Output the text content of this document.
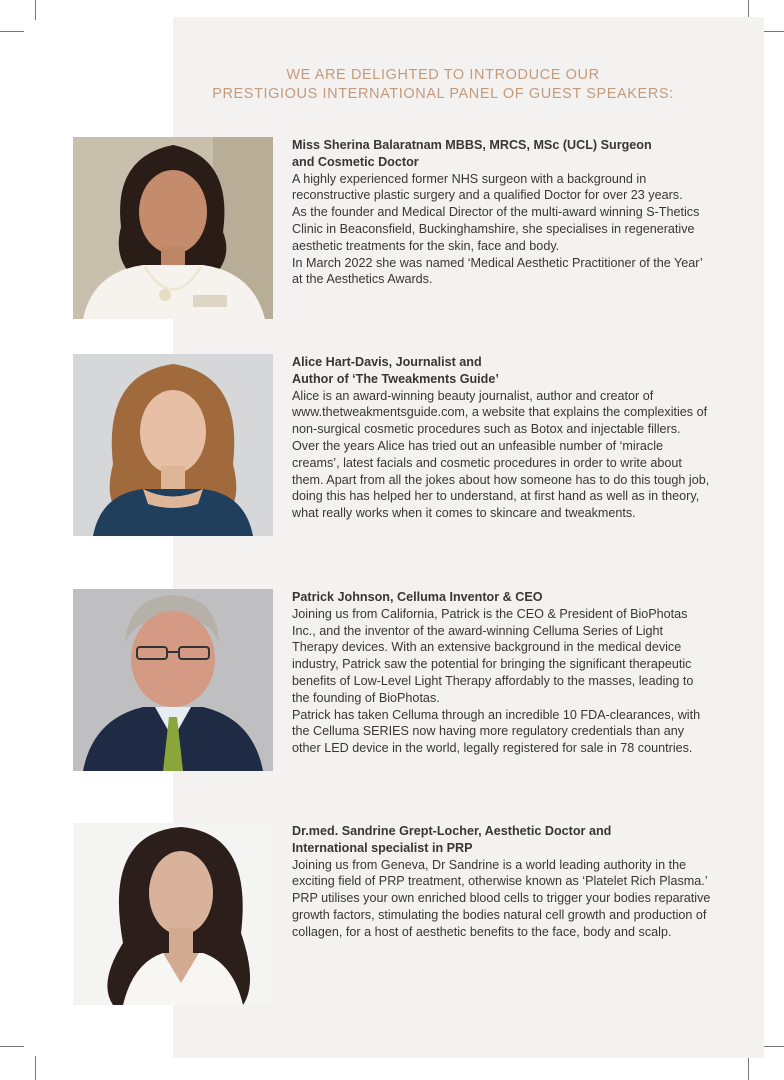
WE ARE DELIGHTED TO INTRODUCE OUR
PRESTIGIOUS INTERNATIONAL PANEL OF GUEST SPEAKERS:
Miss Sherina Balaratnam MBBS, MRCS, MSc (UCL) Surgeon
and Cosmetic Doctor
A highly experienced former NHS surgeon with a background in reconstructive plastic surgery and a qualified Doctor for over 23 years.
As the founder and Medical Director of the multi-award winning S-Thetics Clinic in Beaconsfield, Buckinghamshire, she specialises in regenerative aesthetic treatments for the skin, face and body.
In March 2022 she was named ‘Medical Aesthetic Practitioner of the Year’ at the Aesthetics Awards.
Alice Hart-Davis, Journalist and
Author of ‘The Tweakments Guide’
Alice is an award-winning beauty journalist, author and creator of www.thetweakmentsguide.com, a website that explains the complexities of non-surgical cosmetic procedures such as Botox and injectable fillers.
Over the years Alice has tried out an unfeasible number of ‘miracle creams’, latest facials and cosmetic procedures in order to write about them. Apart from all the jokes about how someone has to do this tough job, doing this has helped her to understand, at first hand as well as in theory, what really works when it comes to skincare and tweakments.
Patrick Johnson, Celluma Inventor & CEO
Joining us from California, Patrick is the CEO & President of BioPhotas Inc., and the inventor of the award-winning Celluma Series of Light Therapy devices. With an extensive background in the medical device industry, Patrick saw the potential for bringing the significant therapeutic benefits of Low-Level Light Therapy affordably to the masses, leading to the founding of BioPhotas.
Patrick has taken Celluma through an incredible 10 FDA-clearances, with the Celluma SERIES now having more regulatory credentials than any other LED device in the world, legally registered for sale in 78 countries.
Dr.med. Sandrine Grept-Locher, Aesthetic Doctor and
International specialist in PRP
Joining us from Geneva, Dr Sandrine is a world leading authority in the exciting field of PRP treatment, otherwise known as ‘Platelet Rich Plasma.’
PRP utilises your own enriched blood cells to trigger your bodies reparative growth factors, stimulating the bodies natural cell growth and production of collagen, for a host of aesthetic benefits to the face, body and scalp.
